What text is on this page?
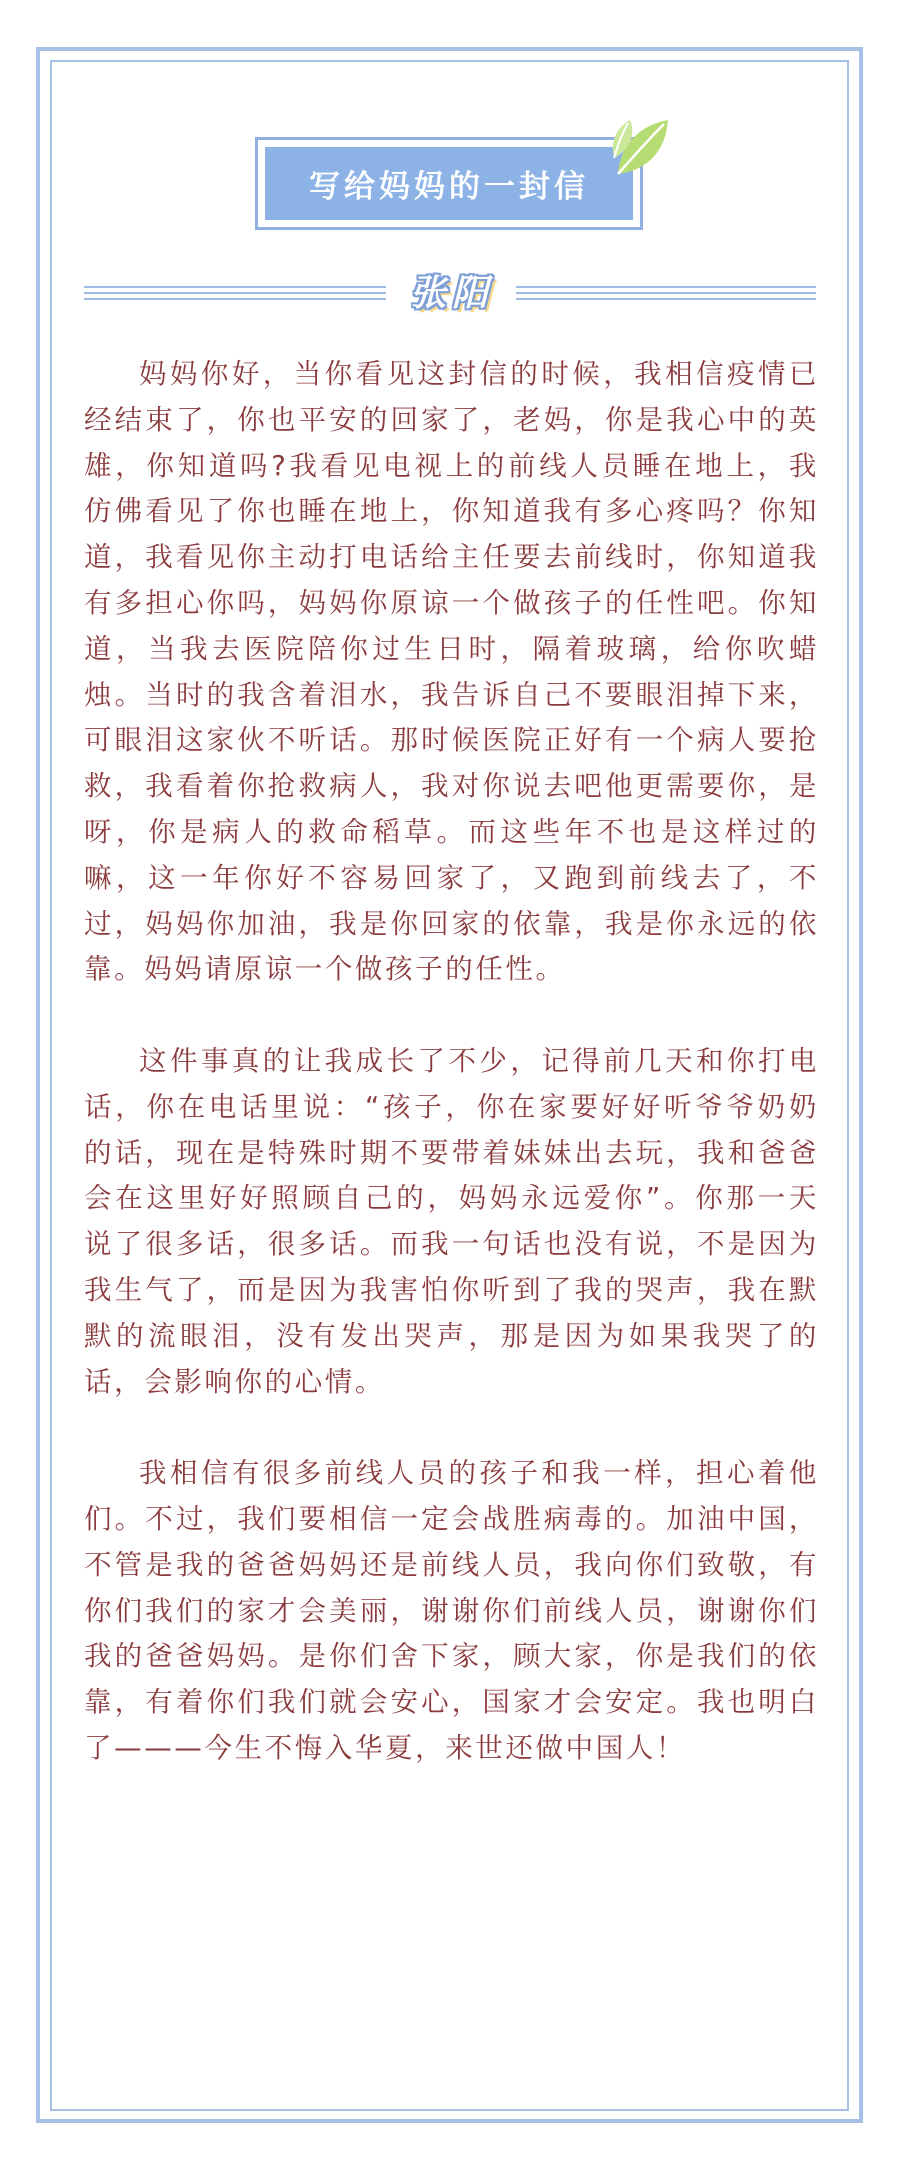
写给妈妈的一封信
张阳

妈妈你好，当你看见这封信的时候，我相信疫情已经结束了，你也平安的回家了，老妈，你是我心中的英雄，你知道吗?我看见电视上的前线人员睡在地上，我仿佛看见了你也睡在地上，你知道我有多心疼吗？你知道，我看见你主动打电话给主任要去前线时，你知道我有多担心你吗，妈妈你原谅一个做孩子的任性吧。你知道，当我去医院陪你过生日时，隔着玻璃，给你吹蜡烛。当时的我含着泪水，我告诉自己不要眼泪掉下来，可眼泪这家伙不听话。那时候医院正好有一个病人要抢救，我看着你抢救病人，我对你说去吧他更需要你，是呀，你是病人的救命稻草。而这些年不也是这样过的嘛，这一年你好不容易回家了，又跑到前线去了，不过，妈妈你加油，我是你回家的依靠，我是你永远的依靠。妈妈请原谅一个做孩子的任性。

这件事真的让我成长了不少，记得前几天和你打电话，你在电话里说：“孩子，你在家要好好听爷爷奶奶的话，现在是特殊时期不要带着妹妹出去玩，我和爸爸会在这里好好照顾自己的，妈妈永远爱你”。你那一天说了很多话，很多话。而我一句话也没有说，不是因为我生气了，而是因为我害怕你听到了我的哭声，我在默默的流眼泪，没有发出哭声，那是因为如果我哭了的话，会影响你的心情。

我相信有很多前线人员的孩子和我一样，担心着他们。不过，我们要相信一定会战胜病毒的。加油中国，不管是我的爸爸妈妈还是前线人员，我向你们致敬，有你们我们的家才会美丽，谢谢你们前线人员，谢谢你们我的爸爸妈妈。是你们舍下家，顾大家，你是我们的依靠，有着你们我们就会安心，国家才会安定。我也明白了———今生不悔入华夏，来世还做中国人！
